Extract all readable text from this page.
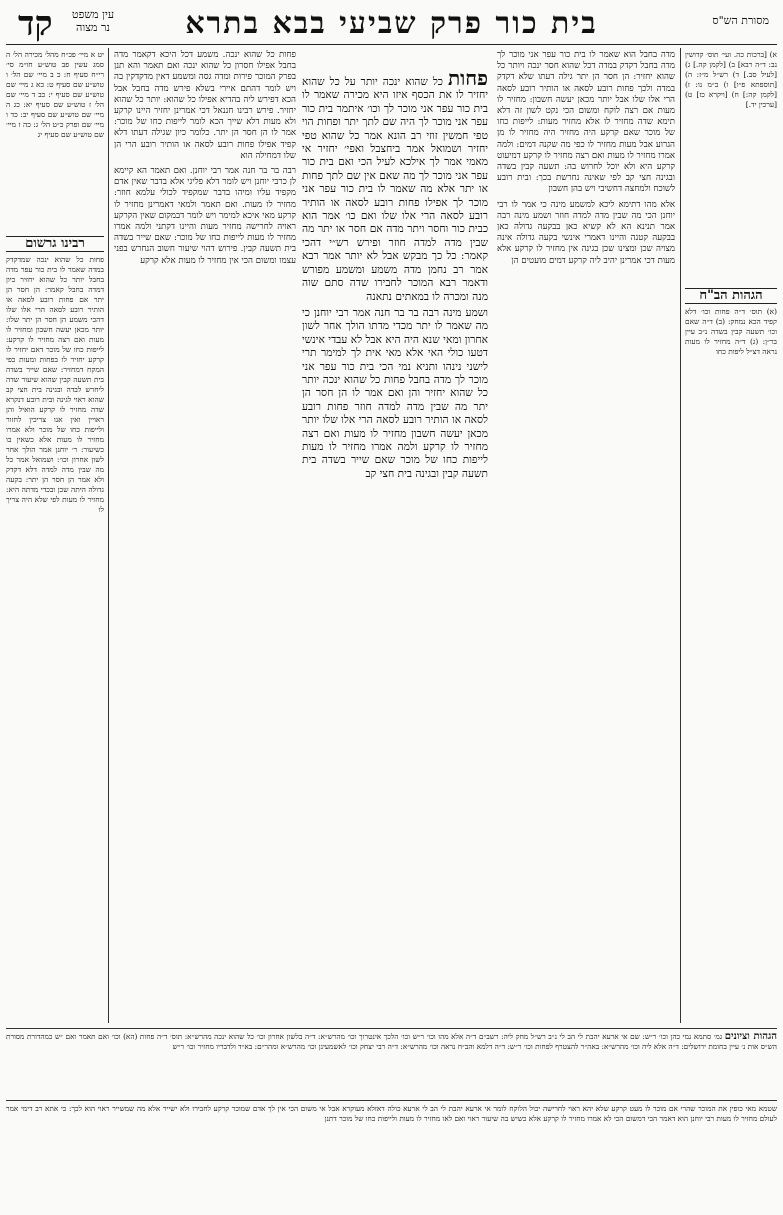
מסורת הש"ס
בית כור פרק שביעי בבא בתרא
עין משפט נר מצוה
קד

א) [ברכות כה. ועי׳ תוס׳ קדושין נב: ד״ה רבא] ב) [לקמן קה.] ג) [לעיל סב.] ד) רש״ל מ״ז: ה) [תוספתא פ״ו] ו) ב״מ נו: ז) [לקמן קה:] ח) [ויקרא כז] ט) [ערכין יד.]

הגהות הב"ח

(א) תוס׳ ד״ה פחות וכו׳ דלא קפיד הכא נמחק: (ב) ד״ה שאם וכו׳ תשעה קבין בשדה נ״ב עיין בר״ן: (ג) ד״ה מחזיר לו מעות נראה דצ״ל ליפות כחו

יט א מיי׳ פכ״ח מהל׳ מכירה הל׳ ה סמג עשין פב טוש״ע חו״מ סי׳ רי״ח סעיף ח: כ ב מיי׳ שם הל׳ ו טוש״ע שם סעיף ט: כא ג מיי׳ שם טוש״ע שם סעיף י: כב ד מיי׳ שם הל׳ ז טוש״ע שם סעיף יא: כג ה מיי׳ שם טוש״ע שם סעיף יב: כד ו מיי׳ שם ופרק כ״ט הל׳ ג: כה ז מיי׳ שם טוש״ע שם סעיף יג

רבינו גרשום

פחות כל שהוא ינכה שמדקדק במדה שאמר לו בית כור עפר מדה בחבל יותר כל שהוא יחזיר כיון דמדה בחבל קאמר: הן חסר הן יתר אם פחות רובע לסאה או הותיר רובע לסאה הרי אלו שלו דהכי משמע הן חסר הן יתר שלו: יותר מכאן יעשה חשבון ומחזיר לו מעות ואם רצה מחזיר לו קרקע: לייפות כחו של מוכר דאם יחזיר לו קרקע יחזיר לו בפחות ומעות כפי המקח דמחזיר: שאם שייר בשדה בית תשעה קבין שהוא שיעור שדה ליחרש לבדה ובגינה בית חצי קב שהוא ראוי לגינה ובית רובע דנקרא שדה מחזיר לו קרקע הואיל והן ראויין ואין אנו צריכין לחזור ולייפות כחו של מוכר ולא אמרו מחזיר לו מעות אלא כשאין בו כשיעור: ר׳ יוחנן אמר הולך אחר לשון אחרון וכו׳: ושמואל אמר כל מה שבין מדה למדה דלא דקדק ולא אמר הן חסר הן יתר: בקעה גדולה היתה שכן ובכדי מדתה היא: מחזיר לו מעות לפי שלא היה צריך לו

מדה בחבל הוא שאמר לו בית כור עפר אני מוכר לך מדה בחבל דקדק במדה דכל שהוא חסר ינכה ויותר כל שהוא יחזיר: הן חסר הן יתר גילה דעתו שלא דקדק במדה ולכך פחות רובע לסאה או הותיר רובע לסאה הרי אלו שלו אבל יותר מכאן יעשה חשבון: מחזיר לו מעות אם רצה לוקח ומשום הכי נקט לשון זה דלא תימא שדה מחזיר לו אלא מחזיר מעות: לייפות כחו של מוכר שאם קרקע היה מחזיר היה מחזיר לו מן הגרוע אבל מעות מחזיר לו כפי מה שקנה דמים: ולמה אמרו מחזיר לו מעות ואם רצה מחזיר לו קרקע דמיעוט קרקע היא ולא יוכל לחרוש בה: תשעה קבין בשדה ובגינה חצי קב לפי שאינה נחרשת בכך: ובית רובע לשוכח ולמחצה דחשיבי ויש בהן חשבון

אלא מהו דתימא ליכא למשמע מינה כי אמר לו רבי יוחנן הכי מה שבין מדה למדה חוזר ושמע מינה רבה אמר תנינא הא לא קשיא כאן בבקעה גדולה כאן בבקעה קטנה והיינו דאמרי אינשי בקעה גדולה אינה מצויה שכן ומצינו שכן בגינה אין מחזיר לו קרקע אלא מעות דכי אמרינן יהיב ליה קרקע דמים מועטים הן

פחות כל שהוא ינכה. משמע דכל היכא דקאמר מדה בחבל אפילו חסרון כל שהוא ינכה ואם תאמר והא תנן בפרק המוכר פירות ומדה גסה ומשמע דאין מדקדקין בה ויש לומר דהתם איירי בשלא פירש מדה בחבל אבל הכא דפירש ליה בהדיא אפילו כל שהוא: יותר כל שהוא יחזיר. פירש רבינו חננאל דכי אמרינן יחזיר היינו קרקע ולא מעות דלא שייך הכא לומר לייפות כחו של מוכר: אמר לו הן חסר הן יתר. כלומר כיון שגילה דעתו דלא קפיד אפילו פחות רובע לסאה או הותיר רובע הרי הן שלו דמחילה הוא

רבה בר בר חנה אמר רבי יוחנן. ואם תאמר הא קיימא לן כרבי יוחנן ויש לומר דלא פליגי אלא בדבר שאין אדם מקפיד עליו ומיהו בדבר שמקפיד לכולי עלמא חוזר: מחזיר לו מעות. ואם תאמר ולמאי דאמרינן מחזיר לו קרקע מאי איכא למימר ויש לומר דבמקום שאין הקרקע ראויה לחרישה מחזיר מעות והיינו דקתני ולמה אמרו מחזיר לו מעות לייפות כחו של מוכר: שאם שייר בשדה בית תשעה קבין. פירוש דהוי שיעור חשוב הנחרש בפני עצמו ומשום הכי אין מחזיר לו מעות אלא קרקע

פחות כל שהוא ינכה יותר על כל שהוא יחזיר לו את הכסף איזו היא מכירה שאמר לו בית כור עפר אני מוכר לך וכו׳ איתמר בית כור עפר אני מוכר לך היה שם לתך יתר ופחות הוי טפי חמשין זוזי רב הונא אמר כל שהוא טפי יחזיר ושמואל אמר ביחצבל ואפי׳ יחזיר אי מאמי אמר לך אילכא לעיל הכי ואם בית כור עפר אני מוכר לך מה שאם אין שם לתך פחות או יתר אלא מה שאמר לו בית כור עפר אני מוכר לך אפילו פחות רובע לסאה או הותיר רובע לסאה הרי אלו שלו ואם כו׳ אמר הוא כבית כור וחסר ויתר מדה אם חסר או יתר מה שבין מדה למדה חוזר ופירש רש״י דהכי קאמר: כל כך מבקש אבל לא יותר אמר רבא אמר רב נחמן מדה משמע ומשמע מפורש ודאמר רבא המוכר לחבירו שדה סתם שוה מנה ומכרה לו במאתים נתאנה

ושמע מינה רבה בר בר חנה אמר רבי יוחנן כי מה שאמר לו יתר מכדי מדתו הולך אחר לשון אחרון ומאי שנא היה היא אבל לא עבדי אינשי דטעו כולי האי אלא מאי אית לך למימר תרי לישני נינהו ותניא נמי הכי בית כור עפר אני מוכר לך מדה בחבל פחות כל שהוא ינכה יותר כל שהוא יחזיר והן ואם אמר לו הן חסר הן יתר מה שבין מדה למדה חוזר פחות רובע לסאה או הותיר רובע לסאה הרי אלו שלו יותר מכאן יעשה חשבון מחזיר לו מעות ואם רצה מחזיר לו קרקע ולמה אמרו מחזיר לו מעות לייפות כחו של מוכר שאם שייר בשדה בית תשעה קבין ובגינה בית חצי קב

הגהות וציונים גמ׳ סתמא נמי כהן וכו׳ ר״ש: שם אי ארעא יהבת לי הב לי נ״ב רש״ל מחק ליה: רשב״ם ד״ה אלא מהו וכו׳ ר״ש וכו׳ הלכך אינטרוך וכו׳ מהרש״א: ד״ה בלשון אחרון וכו׳ כל שהוא ינכה מהרש״א: תוס׳ ד״ה פחות (הא) וכו׳ ואם תאמר ואם ״ש כמהדורת מסורת הש״ס אות נ׳ עיין בחומת ירושלים: ד״ה אלא ליה וכו׳ מהרש״א: באה״ר להצטרף לפחות וכו׳ ר״ש: ד״ה דלמא והב״ח נראה וכו׳ מהרש״א: ד״ה רבי יצחק וכו׳ לאשמעינן וכו׳ מהרש״א ומהר״ם: בא״ד ולדבריו מחזיר וכו׳ ר״ש
שטמא מאי כופין את המוכר שהרי אם מוכר לו מעט קרקע שלא יהא ראוי לחרישה יכול הלוקח לומר אי ארעא יהבת לי הב לי ארעא כולה דאזלא מעוקרא אבל אי משום הכי אין לך אדם שמוכר קרקע לחבירו ולא ישייר אלא מה שמשייר ראוי הוא לכך: כי אתא רב דימי אמר לעולם מחזיר לו מעות רבי יוחנן הוא דאמר הכי דמשום הכי לא אמרו מחזיר לו קרקע אלא כשיש בה שיעור ראוי ואם לאו מחזיר לו מעות ולייפות כחו של מוכר דתנן
